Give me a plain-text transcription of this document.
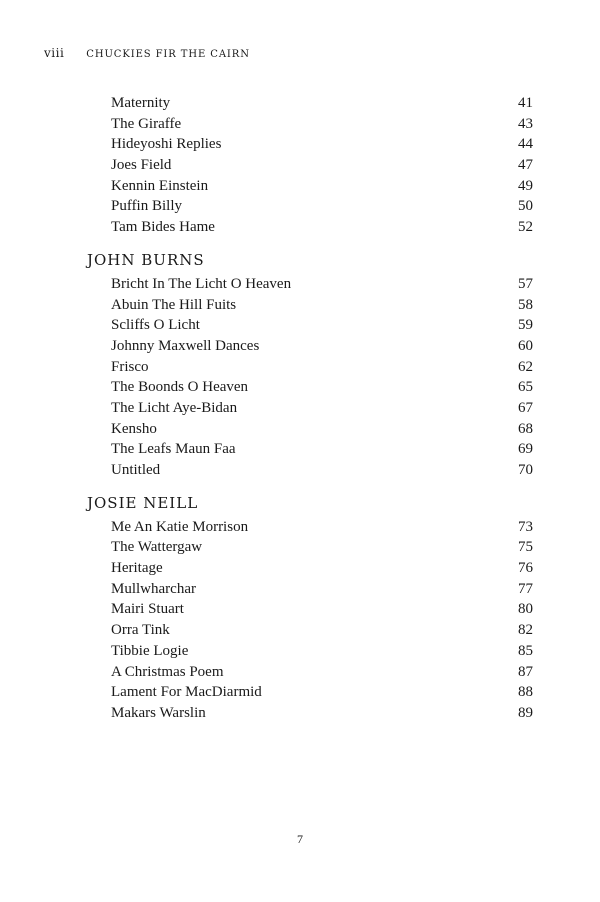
viii CHUCKIES FIR THE CAIRN
Maternity	41
The Giraffe	43
Hideyoshi Replies	44
Joes Field	47
Kennin Einstein	49
Puffin Billy	50
Tam Bides Hame	52
JOHN BURNS
Bricht In The Licht O Heaven	57
Abuin The Hill Fuits	58
Scliffs O Licht	59
Johnny Maxwell Dances	60
Frisco	62
The Boonds O Heaven	65
The Licht Aye-Bidan	67
Kensho	68
The Leafs Maun Faa	69
Untitled	70
JOSIE NEILL
Me An Katie Morrison	73
The Wattergaw	75
Heritage	76
Mullwharchar	77
Mairi Stuart	80
Orra Tink	82
Tibbie Logie	85
A Christmas Poem	87
Lament For MacDiarmid	88
Makars Warslin	89
7
